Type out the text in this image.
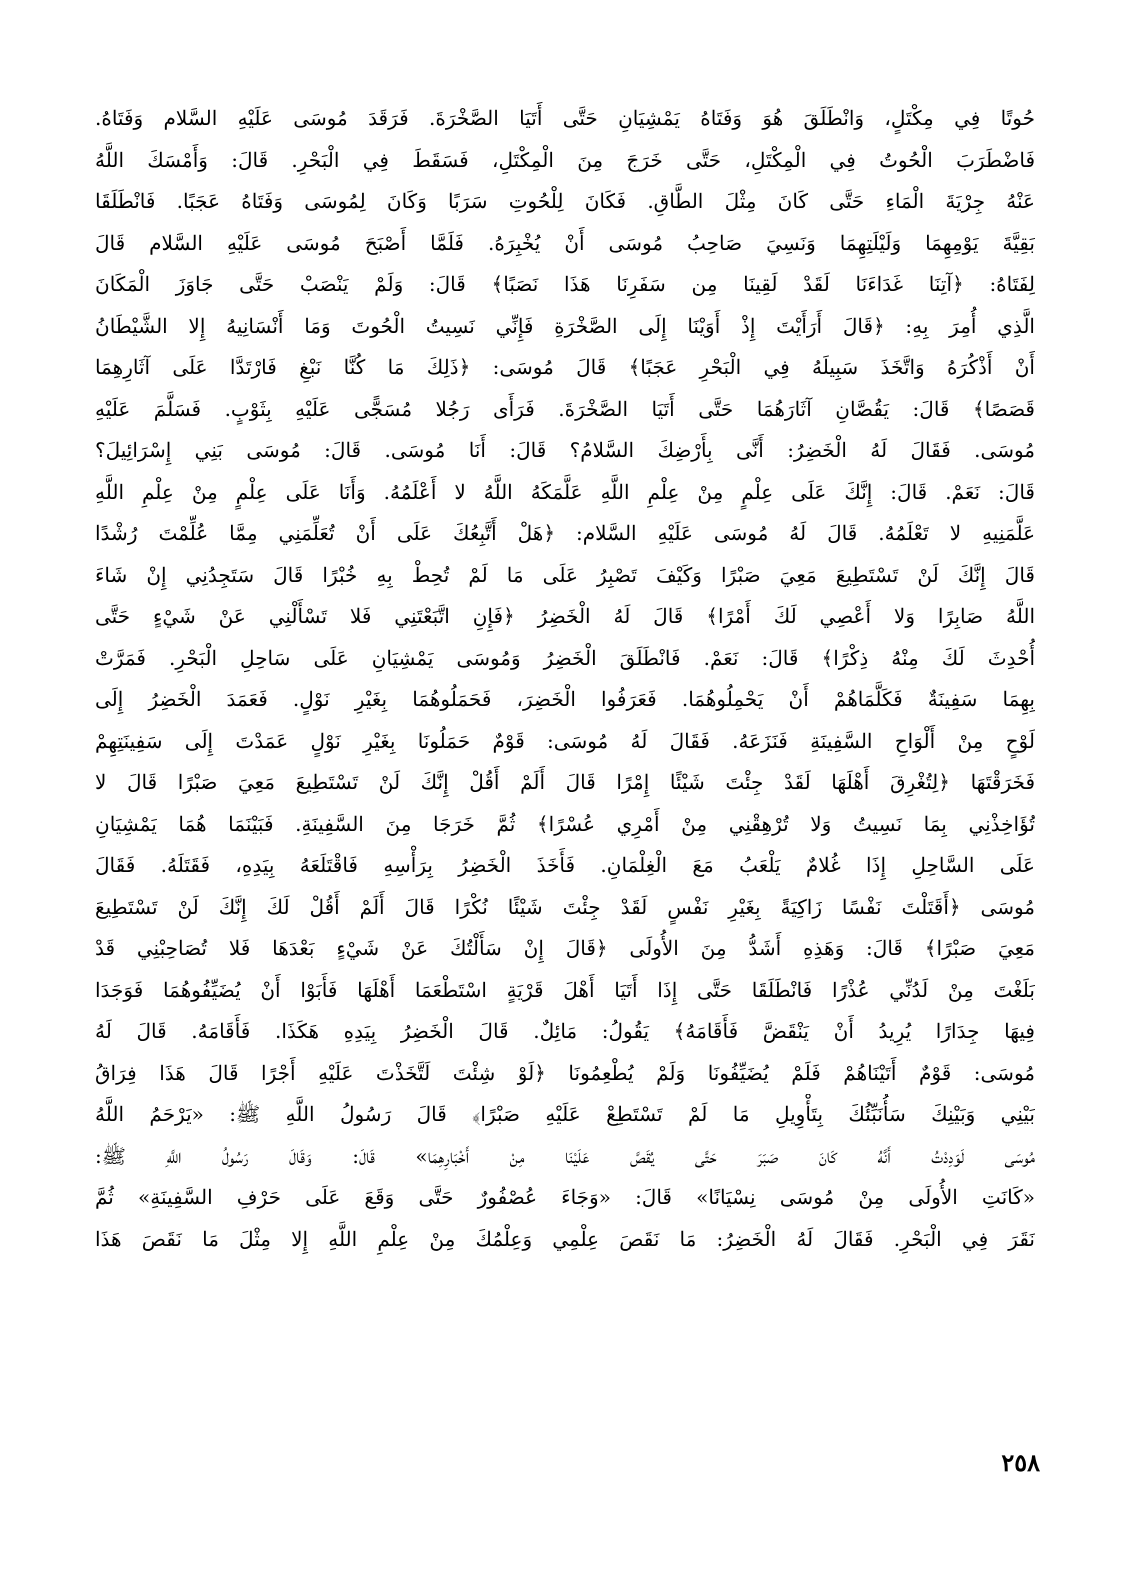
حُوتًا فِي مِكْتَلٍ، وَانْطَلَقَ هُوَ وَفَتَاهُ يَمْشِيَانِ حَتَّى أَتَيَا الصَّخْرَةَ. فَرَقَدَ مُوسَى عَلَيْهِ السَّلام وَفَتَاهُ.
فَاضْطَرَبَ الْحُوتُ فِي الْمِكْتَلِ، حَتَّى خَرَجَ مِنَ الْمِكْتَلِ، فَسَقَطَ فِي الْبَحْرِ. قَالَ: وَأَمْسَكَ اللَّهُ
عَنْهُ جِرْيَةَ الْمَاءِ حَتَّى كَانَ مِثْلَ الطَّاقِ. فَكَانَ لِلْحُوتِ سَرَبًا وَكَانَ لِمُوسَى وَفَتَاهُ عَجَبًا. فَانْطَلَقَا
بَقِيَّةَ يَوْمِهِمَا وَلَيْلَتِهِمَا وَنَسِيَ صَاحِبُ مُوسَى أَنْ يُخْبِرَهُ. فَلَمَّا أَصْبَحَ مُوسَى عَلَيْهِ السَّلام قَالَ
لِفَتَاهُ: ﴿آتِنَا غَدَاءَنَا لَقَدْ لَقِينَا مِن سَفَرِنَا هَذَا نَصَبًا﴾ قَالَ: وَلَمْ يَنْصَبْ حَتَّى جَاوَزَ الْمَكَانَ
الَّذِي أُمِرَ بِهِ: ﴿قَالَ أَرَأَيْتَ إِذْ أَوَيْنَا إِلَى الصَّخْرَةِ فَإِنِّي نَسِيتُ الْحُوتَ وَمَا أَنْسَانِيهُ إِلا الشَّيْطَانُ
أَنْ أَذْكُرَهُ وَاتَّخَذَ سَبِيلَهُ فِي الْبَحْرِ عَجَبًا﴾ قَالَ مُوسَى: ﴿ذَلِكَ مَا كُنَّا نَبْغِ فَارْتَدَّا عَلَى آثَارِهِمَا
قَصَصًا﴾ قَالَ: يَقُصَّانِ آثَارَهُمَا حَتَّى أَتَيَا الصَّخْرَةَ. فَرَأَى رَجُلا مُسَجًّى عَلَيْهِ بِثَوْبٍ. فَسَلَّمَ عَلَيْهِ
مُوسَى. فَقَالَ لَهُ الْخَضِرُ: أَنَّى بِأَرْضِكَ السَّلامُ؟ قَالَ: أَنَا مُوسَى. قَالَ: مُوسَى بَنِي إِسْرَائِيلَ؟
قَالَ: نَعَمْ. قَالَ: إِنَّكَ عَلَى عِلْمٍ مِنْ عِلْمِ اللَّهِ عَلَّمَكَهُ اللَّهُ لا أَعْلَمُهُ. وَأَنَا عَلَى عِلْمٍ مِنْ عِلْمِ اللَّهِ
عَلَّمَنِيهِ لا تَعْلَمُهُ. قَالَ لَهُ مُوسَى عَلَيْهِ السَّلام: ﴿هَلْ أَتَّبِعُكَ عَلَى أَنْ تُعَلِّمَنِي مِمَّا عُلِّمْتَ رُشْدًا
قَالَ إِنَّكَ لَنْ تَسْتَطِيعَ مَعِيَ صَبْرًا وَكَيْفَ تَصْبِرُ عَلَى مَا لَمْ تُحِطْ بِهِ خُبْرًا قَالَ سَتَجِدُنِي إِنْ شَاءَ
اللَّهُ صَابِرًا وَلا أَعْصِي لَكَ أَمْرًا﴾ قَالَ لَهُ الْخَضِرُ ﴿فَإِنِ اتَّبَعْتَنِي فَلا تَسْأَلْنِي عَنْ شَيْءٍ حَتَّى
أُحْدِثَ لَكَ مِنْهُ ذِكْرًا﴾ قَالَ: نَعَمْ. فَانْطَلَقَ الْخَضِرُ وَمُوسَى يَمْشِيَانِ عَلَى سَاحِلِ الْبَحْرِ. فَمَرَّتْ
بِهِمَا سَفِينَةٌ فَكَلَّمَاهُمْ أَنْ يَحْمِلُوهُمَا. فَعَرَفُوا الْخَضِرَ، فَحَمَلُوهُمَا بِغَيْرِ نَوْلٍ. فَعَمَدَ الْخَضِرُ إِلَى
لَوْحٍ مِنْ أَلْوَاحِ السَّفِينَةِ فَنَزَعَهُ. فَقَالَ لَهُ مُوسَى: قَوْمٌ حَمَلُونَا بِغَيْرِ نَوْلٍ عَمَدْتَ إِلَى سَفِينَتِهِمْ
فَخَرَقْتَهَا ﴿لِتُغْرِقَ أَهْلَهَا لَقَدْ جِئْتَ شَيْئًا إِمْرًا قَالَ أَلَمْ أَقُلْ إِنَّكَ لَنْ تَسْتَطِيعَ مَعِيَ صَبْرًا قَالَ لا
تُؤَاخِذْنِي بِمَا نَسِيتُ وَلا تُرْهِقْنِي مِنْ أَمْرِي عُسْرًا﴾ ثُمَّ خَرَجَا مِنَ السَّفِينَةِ. فَبَيْنَمَا هُمَا يَمْشِيَانِ
عَلَى السَّاحِلِ إِذَا غُلامٌ يَلْعَبُ مَعَ الْغِلْمَانِ. فَأَخَذَ الْخَضِرُ بِرَأْسِهِ فَاقْتَلَعَهُ بِيَدِهِ، فَقَتَلَهُ. فَقَالَ
مُوسَى ﴿أَقَتَلْتَ نَفْسًا زَاكِيَةً بِغَيْرِ نَفْسٍ لَقَدْ جِئْتَ شَيْئًا نُكْرًا قَالَ أَلَمْ أَقُلْ لَكَ إِنَّكَ لَنْ تَسْتَطِيعَ
مَعِيَ صَبْرًا﴾ قَالَ: وَهَذِهِ أَشَدُّ مِنَ الأُولَى ﴿قَالَ إِنْ سَأَلْتُكَ عَنْ شَيْءٍ بَعْدَهَا فَلا تُصَاحِبْنِي قَدْ
بَلَغْتَ مِنْ لَدُنِّي عُذْرًا فَانْطَلَقَا حَتَّى إِذَا أَتَيَا أَهْلَ قَرْيَةٍ اسْتَطْعَمَا أَهْلَهَا فَأَبَوْا أَنْ يُضَيِّفُوهُمَا فَوَجَدَا
فِيهَا جِدَارًا يُرِيدُ أَنْ يَنْقَضَّ فَأَقَامَهُ﴾ يَقُولُ: مَائِلٌ. قَالَ الْخَضِرُ بِيَدِهِ هَكَذَا. فَأَقَامَهُ. قَالَ لَهُ
مُوسَى: قَوْمٌ أَتَيْنَاهُمْ فَلَمْ يُضَيِّفُونَا وَلَمْ يُطْعِمُونَا ﴿لَوْ شِئْتَ لَتَّخَذْتَ عَلَيْهِ أَجْرًا قَالَ هَذَا فِرَاقُ
بَيْنِي وَبَيْنِكَ سَأُنَبِّئُكَ بِتَأْوِيلِ مَا لَمْ تَسْتَطِعْ عَلَيْهِ صَبْرًا﴾ قَالَ رَسُولُ اللَّهِ ﷺ: «يَرْحَمُ اللَّهُ
مُوسَى لَوَدِدْتُ أَنَّهُ كَانَ صَبَرَ حَتَّى يُقَصَّ عَلَيْنَا مِنْ أَخْبَارِهِمَا» قَالَ: وَقَالَ رَسُولُ اللَّهِ ﷺ:
«كَانَتِ الأُولَى مِنْ مُوسَى نِسْيَانًا» قَالَ: «وَجَاءَ عُصْفُورٌ حَتَّى وَقَعَ عَلَى حَرْفِ السَّفِينَةِ» ثُمَّ
نَقَرَ فِي الْبَحْرِ. فَقَالَ لَهُ الْخَضِرُ: مَا نَقَصَ عِلْمِي وَعِلْمُكَ مِنْ عِلْمِ اللَّهِ إِلا مِثْلَ مَا نَقَصَ هَذَا
٢٥٨
